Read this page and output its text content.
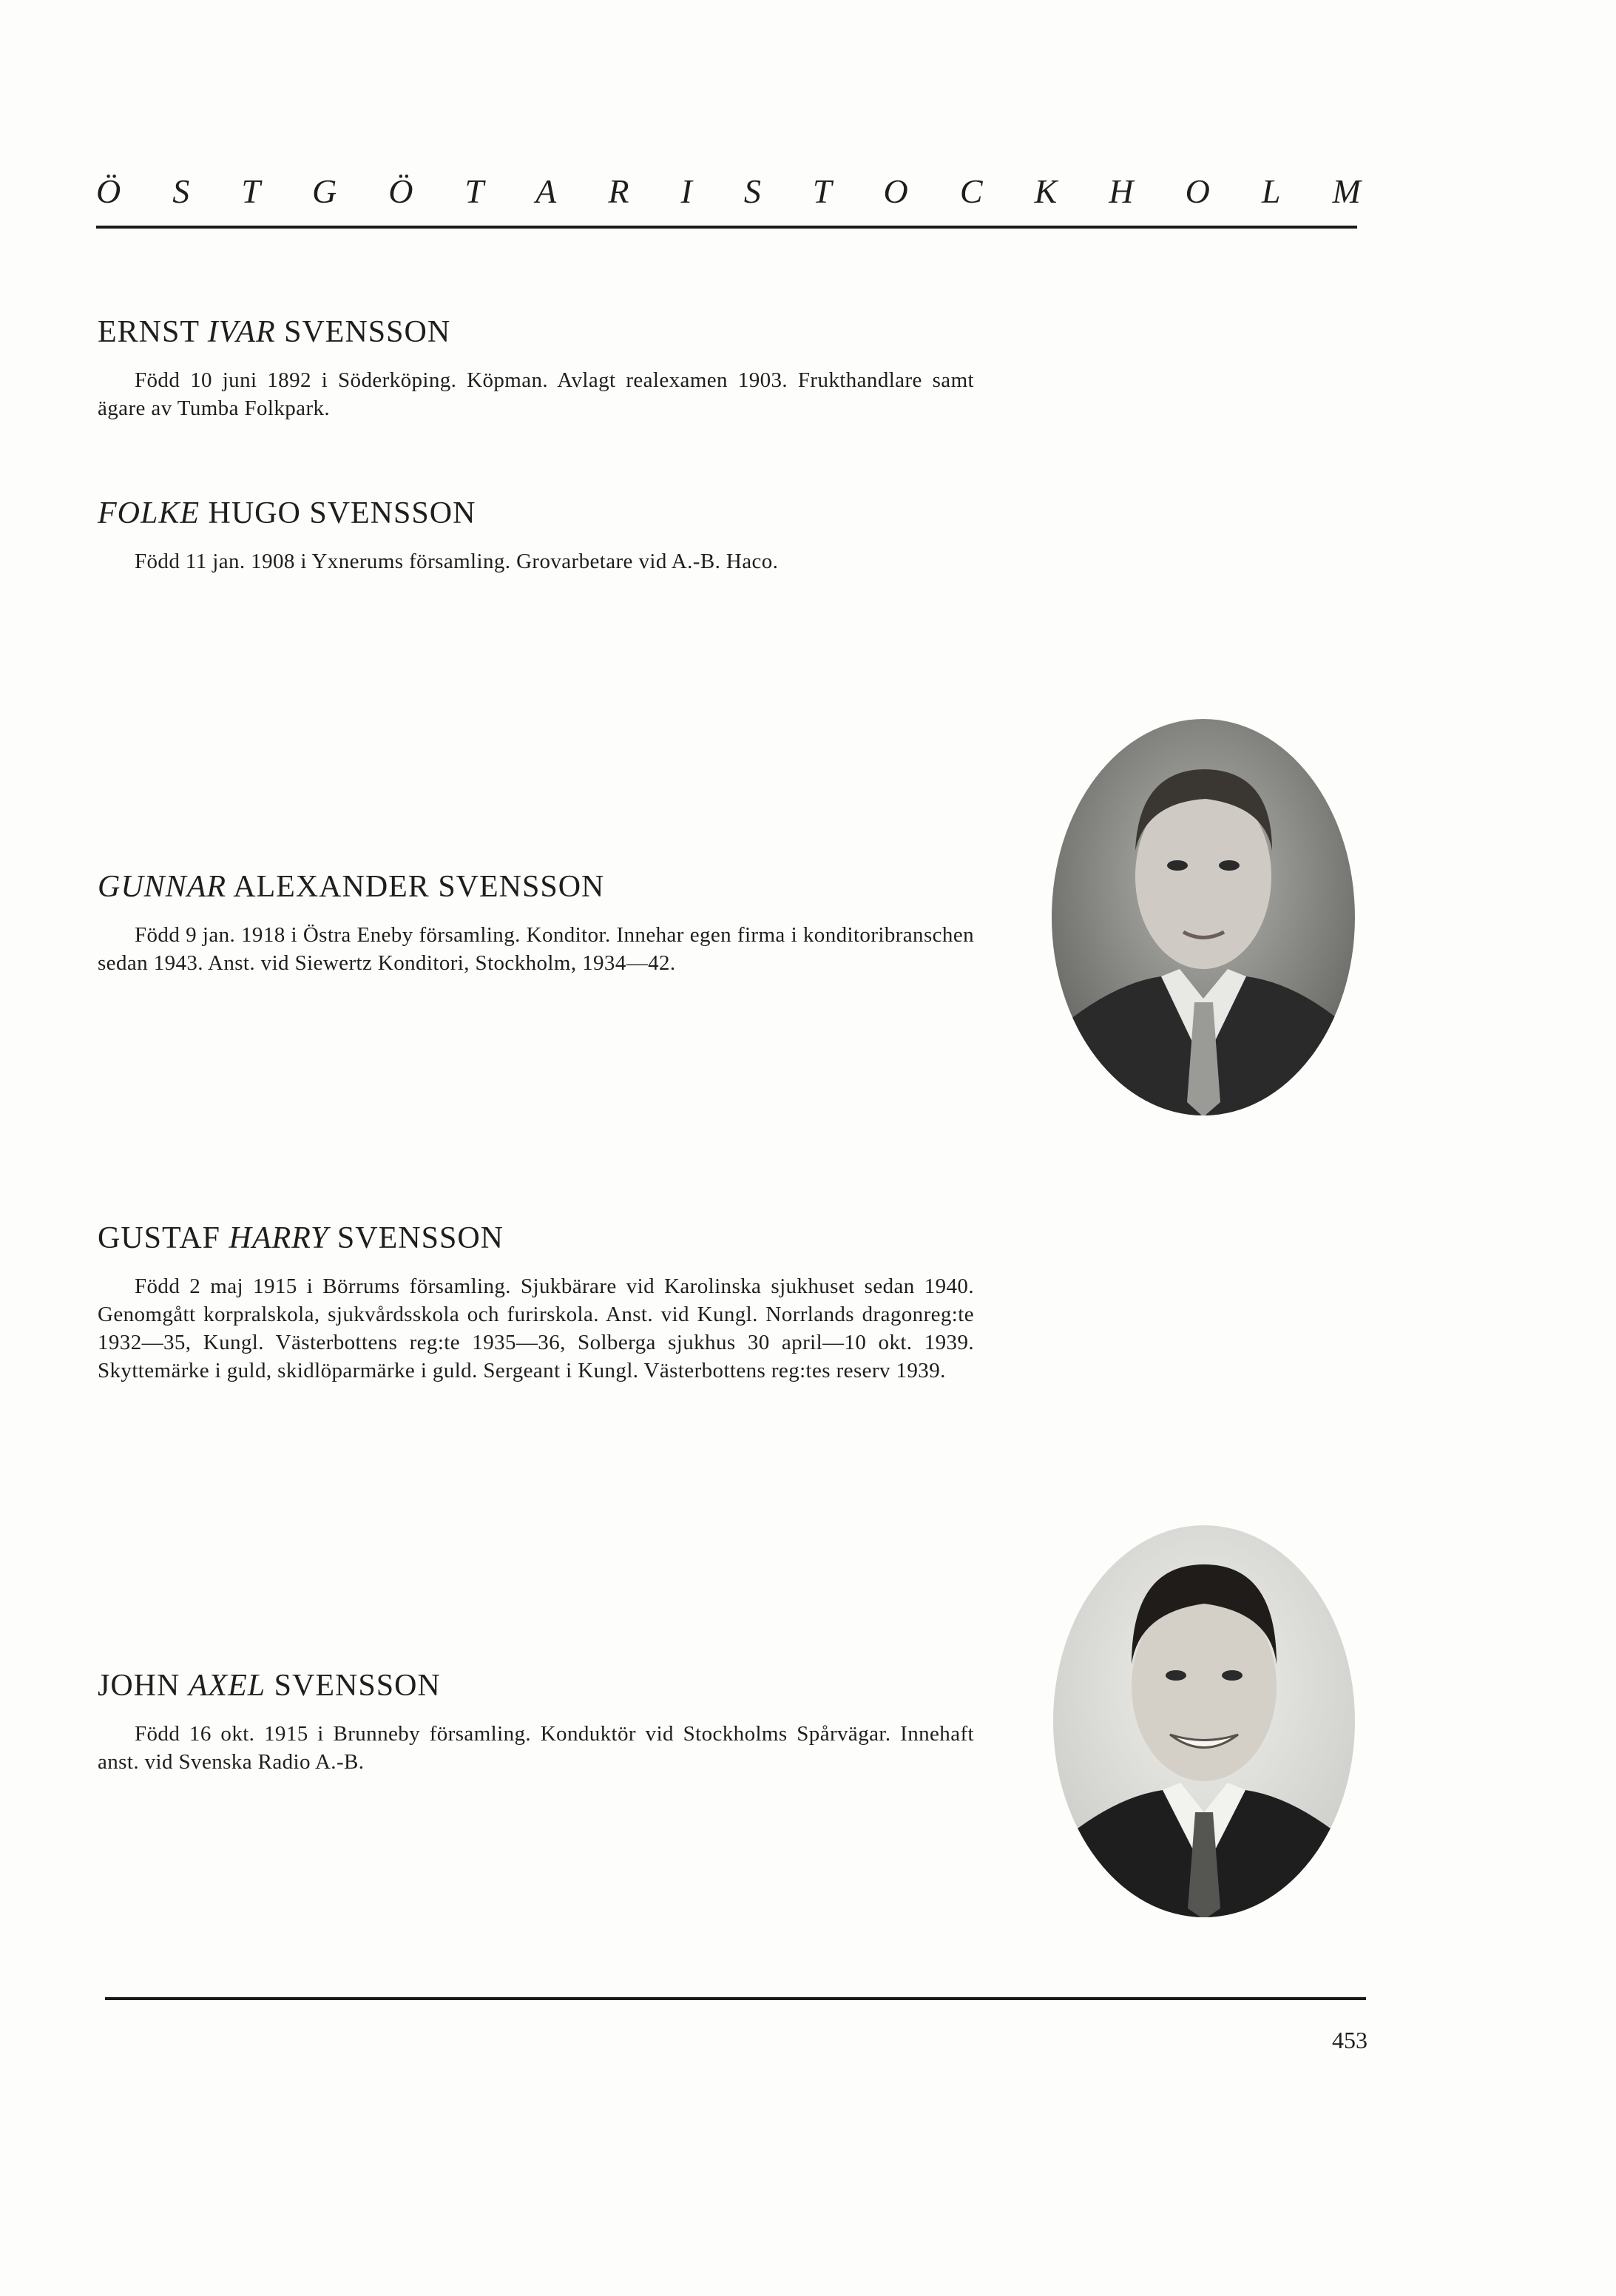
Ö S T G Ö T A R I S T O C K H O L M
ERNST IVAR SVENSSON

Född 10 juni 1892 i Söderköping. Köpman. Avlagt realexamen 1903. Frukthandlare samt ägare av Tumba Folkpark.

FOLKE HUGO SVENSSON

Född 11 jan. 1908 i Yxnerums församling. Grovarbetare vid A.-B. Haco.

GUNNAR ALEXANDER SVENSSON

Född 9 jan. 1918 i Östra Eneby församling. Konditor. Innehar egen firma i konditoribranschen sedan 1943. Anst. vid Siewertz Konditori, Stockholm, 1934—42.

GUSTAF HARRY SVENSSON

Född 2 maj 1915 i Börrums församling. Sjukbärare vid Karolinska sjukhuset sedan 1940. Genomgått korpralskola, sjukvårdsskola och furirskola. Anst. vid Kungl. Norrlands dragonreg:te 1932—35, Kungl. Västerbottens reg:te 1935—36, Solberga sjukhus 30 april—10 okt. 1939. Skyttemärke i guld, skidlöparmärke i guld. Sergeant i Kungl. Västerbottens reg:tes reserv 1939.

JOHN AXEL SVENSSON

Född 16 okt. 1915 i Brunneby församling. Konduktör vid Stockholms Spårvägar. Innehaft anst. vid Svenska Radio A.-B.

453
